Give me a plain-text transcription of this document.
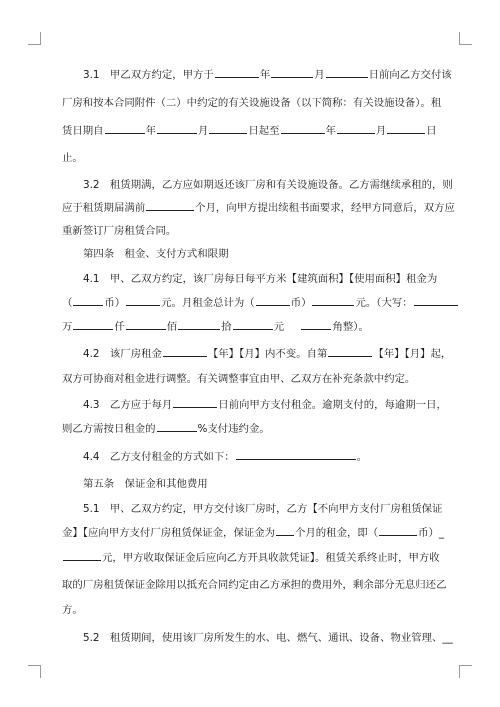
3.1　甲乙双方约定，甲方于	年	月	日前向乙方交付该
厂房和按本合同附件（二）中约定的有关设施设备（以下简称：有关设施设备）。租
赁日期自	年	月	日起至	年	月	日
止。
3.2　租赁期满，乙方应如期返还该厂房和有关设施设备。乙方需继续承租的，则
应于租赁期届满前	个月，向甲方提出续租书面要求，经甲方同意后，双方应
重新签订厂房租赁合同。
第四条　租金、支付方式和限期
4.1　甲、乙双方约定，该厂房每日每平方米【建筑面积】【使用面积】租金为
（	币）	元。月租金总计为（	币）	元。（大写：
万	仟	佰	拾	元	角整）。
4.2　该厂房租金	【年】【月】内不变。自第	【年】【月】起，
双方可协商对租金进行调整。有关调整事宜由甲、乙双方在补充条款中约定。
4.3　乙方应于每月	日前向甲方支付租金。逾期支付的，每逾期一日，
则乙方需按日租金的	%支付违约金。
4.4　乙方支付租金的方式如下：	。
第五条　保证金和其他费用
5.1　甲、乙双方约定，甲方交付该厂房时，乙方【不向甲方支付厂房租赁保证
金】【应向甲方支付厂房租赁保证金，保证金为 个月的租金，即（	币）_
元，甲方收取保证金后应向乙方开具收款凭证】。租赁关系终止时，甲方收
取的厂房租赁保证金除用以抵充合同约定由乙方承担的费用外，剩余部分无息归还乙
方。
5.2　租赁期间，使用该厂房所发生的水、电、燃气、通讯、设备、物业管理、__
